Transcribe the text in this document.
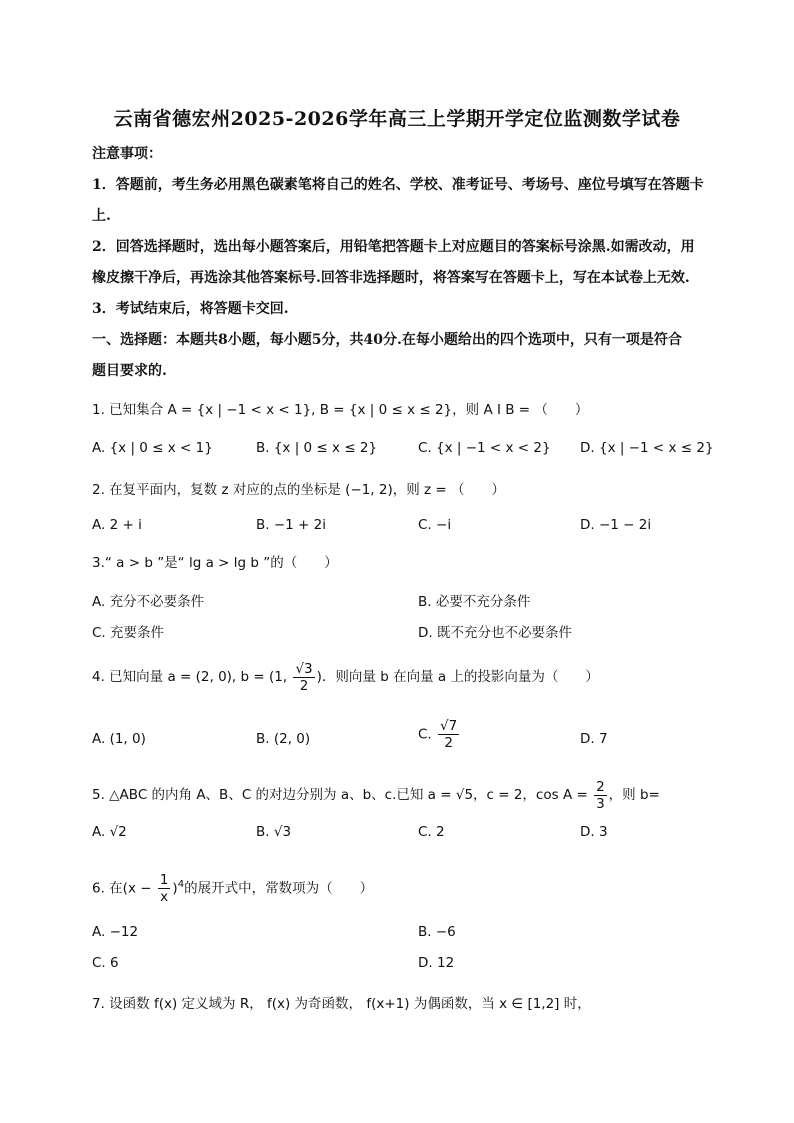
云南省德宏州2025-2026学年高三上学期开学定位监测数学试卷
注意事项：
1．答题前，考生务必用黑色碳素笔将自己的姓名、学校、准考证号、考场号、座位号填写在答题卡
上.
2．回答选择题时，选出每小题答案后，用铅笔把答题卡上对应题目的答案标号涂黑.如需改动，用
橡皮擦干净后，再选涂其他答案标号.回答非选择题时，将答案写在答题卡上，写在本试卷上无效.
3．考试结束后，将答题卡交回.
一、选择题：本题共8小题，每小题5分，共40分.在每小题给出的四个选项中，只有一项是符合
题目要求的.
1. 已知集合 A = {x | −1 < x < 1}, B = {x | 0 ≤ x ≤ 2}，则 A I B = （　　）
A. {x | 0 ≤ x < 1}	B. {x | 0 ≤ x ≤ 2}	C. {x | −1 < x < 2} D. {x | −1 < x ≤ 2}
2. 在复平面内，复数 z 对应的点的坐标是 (−1, 2)，则 z = （　　）
A. 2 + i	B. −1 + 2i	C. −i	D. −1 − 2i
3.“ a > b ”是“ lg a > lg b ”的（　　）
A. 充分不必要条件	B. 必要不充分条件
C. 充要条件	D. 既不充分也不必要条件
4. 已知向量 a = (2, 0), b = (1, $\frac{√3}{2}$ )．则向量 b 在向量 a 上的投影向量为（　　）
A. (1, 0)	B. (2, 0)	C. $\frac{√7}{2}$	D. 7
5. △ABC 的内角 A、B、C 的对边分别为 a、b、c.已知 a = √5，c = 2，$\cos A = \frac{2}{3}$ ，则 b=
A. √2	B. √3	C. 2	D. 3
6. 在$(x - \frac{1}{x} )^4$的展开式中，常数项为（　　）
A. −12	B. −6
C. 6	D. 12
7. 设函数 f(x) 定义域为 R， f(x) 为奇函数， f(x+1) 为偶函数，当 x ∈ [1,2] 时，
